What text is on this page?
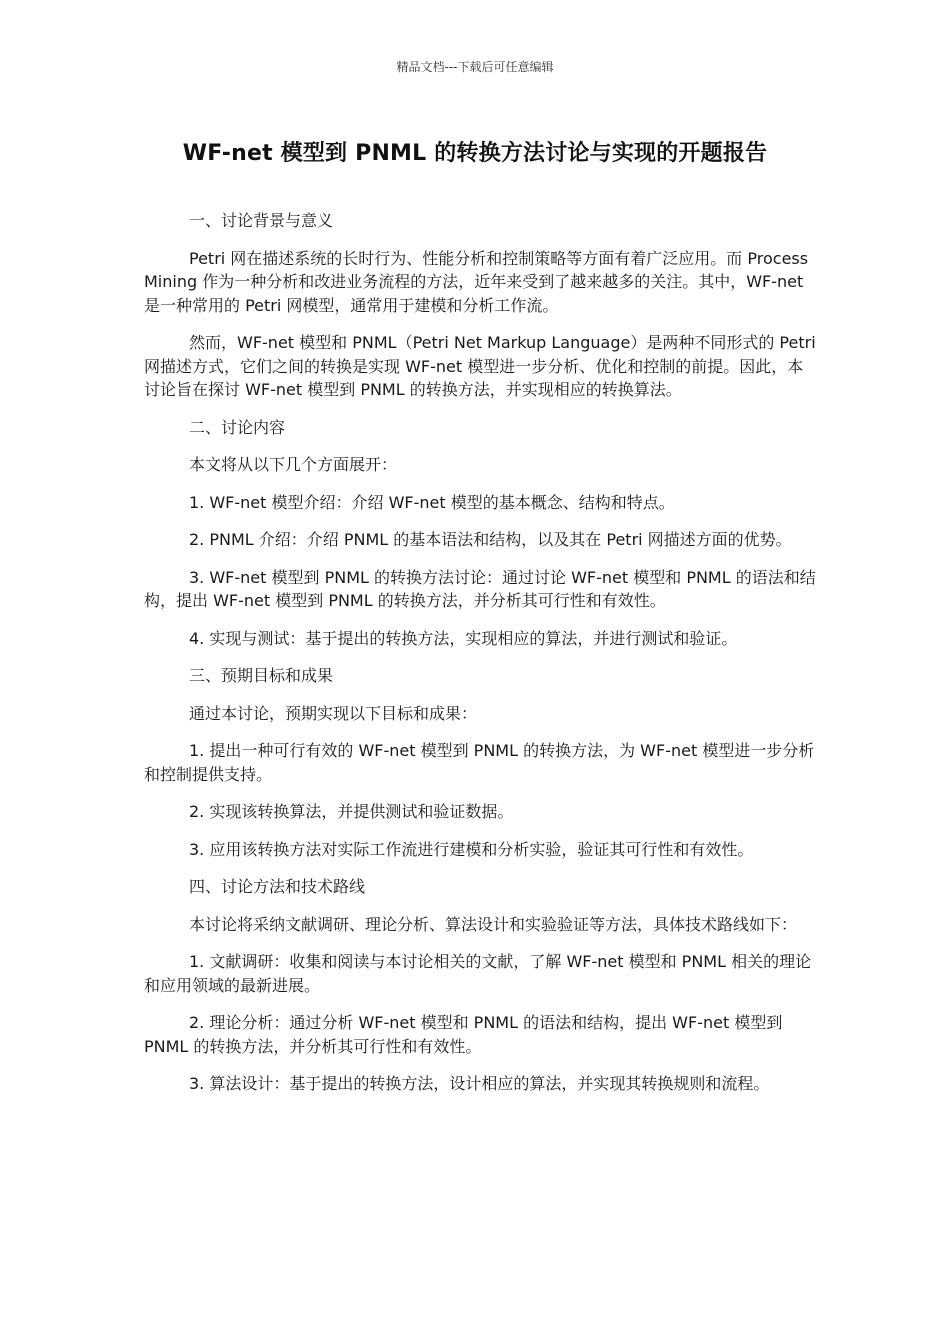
精品文档---下载后可任意编辑
WF-net 模型到 PNML 的转换方法讨论与实现的开题报告

一、讨论背景与意义

Petri 网在描述系统的长时行为、性能分析和控制策略等方面有着广泛应用。而 Process Mining 作为一种分析和改进业务流程的方法，近年来受到了越来越多的关注。其中，WF-net 是一种常用的 Petri 网模型，通常用于建模和分析工作流。

然而，WF-net 模型和 PNML（Petri Net Markup Language）是两种不同形式的 Petri 网描述方式，它们之间的转换是实现 WF-net 模型进一步分析、优化和控制的前提。因此，本讨论旨在探讨 WF-net 模型到 PNML 的转换方法，并实现相应的转换算法。

二、讨论内容

本文将从以下几个方面展开：

1. WF-net 模型介绍：介绍 WF-net 模型的基本概念、结构和特点。

2. PNML 介绍：介绍 PNML 的基本语法和结构，以及其在 Petri 网描述方面的优势。

3. WF-net 模型到 PNML 的转换方法讨论：通过讨论 WF-net 模型和 PNML 的语法和结构，提出 WF-net 模型到 PNML 的转换方法，并分析其可行性和有效性。

4. 实现与测试：基于提出的转换方法，实现相应的算法，并进行测试和验证。

三、预期目标和成果

通过本讨论，预期实现以下目标和成果：

1. 提出一种可行有效的 WF-net 模型到 PNML 的转换方法，为 WF-net 模型进一步分析和控制提供支持。

2. 实现该转换算法，并提供测试和验证数据。

3. 应用该转换方法对实际工作流进行建模和分析实验，验证其可行性和有效性。

四、讨论方法和技术路线

本讨论将采纳文献调研、理论分析、算法设计和实验验证等方法，具体技术路线如下：

1. 文献调研：收集和阅读与本讨论相关的文献，了解 WF-net 模型和 PNML 相关的理论和应用领域的最新进展。

2. 理论分析：通过分析 WF-net 模型和 PNML 的语法和结构，提出 WF-net 模型到 PNML 的转换方法，并分析其可行性和有效性。

3. 算法设计：基于提出的转换方法，设计相应的算法，并实现其转换规则和流程。
